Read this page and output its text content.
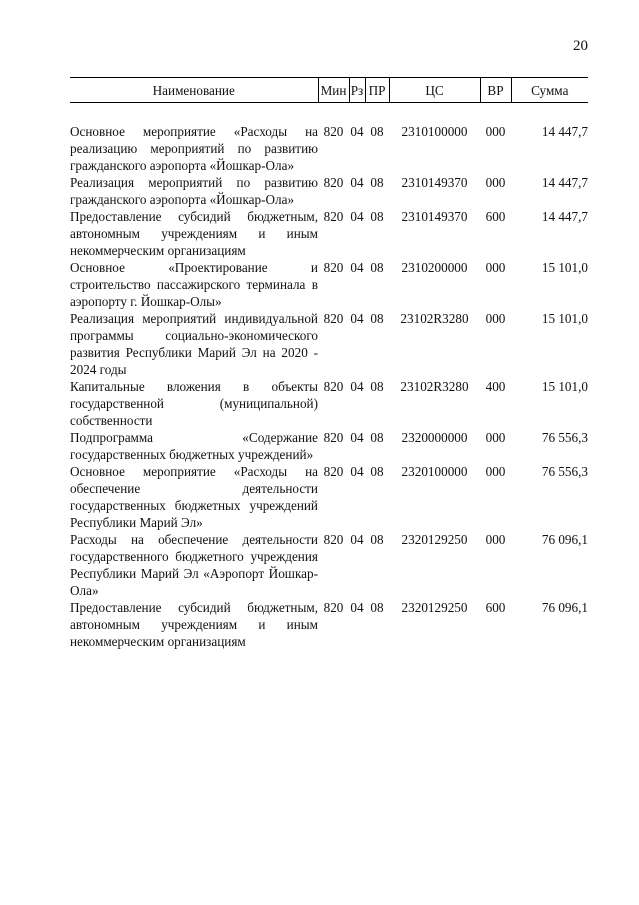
20
Наименование	Мин	Рз	ПР	ЦС	ВР	Сумма

Основное мероприятие «Расходы на реализацию мероприятий по развитию гражданского аэропорта «Йошкар-Ола»	820	04	08	2310100000	000	14 447,7
Реализация мероприятий по развитию гражданского аэропорта «Йошкар-Ола»	820	04	08	2310149370	000	14 447,7
Предоставление субсидий бюджетным, автономным учреждениям и иным некоммерческим организациям	820	04	08	2310149370	600	14 447,7
Основное «Проектирование и строительство пассажирского терминала в аэропорту г. Йошкар-Олы»	820	04	08	2310200000	000	15 101,0
Реализация мероприятий индивидуальной программы социально-экономического развития Республики Марий Эл на 2020 - 2024 годы	820	04	08	23102R3280	000	15 101,0
Капитальные вложения в объекты государственной (муниципальной) собственности	820	04	08	23102R3280	400	15 101,0
Подпрограмма «Содержание государственных бюджетных учреждений»	820	04	08	2320000000	000	76 556,3
Основное мероприятие «Расходы на обеспечение деятельности государственных бюджетных учреждений Республики Марий Эл»	820	04	08	2320100000	000	76 556,3
Расходы на обеспечение деятельности государственного бюджетного учреждения Республики Марий Эл «Аэропорт Йошкар-Ола»	820	04	08	2320129250	000	76 096,1
Предоставление субсидий бюджетным, автономным учреждениям и иным некоммерческим организациям	820	04	08	2320129250	600	76 096,1
